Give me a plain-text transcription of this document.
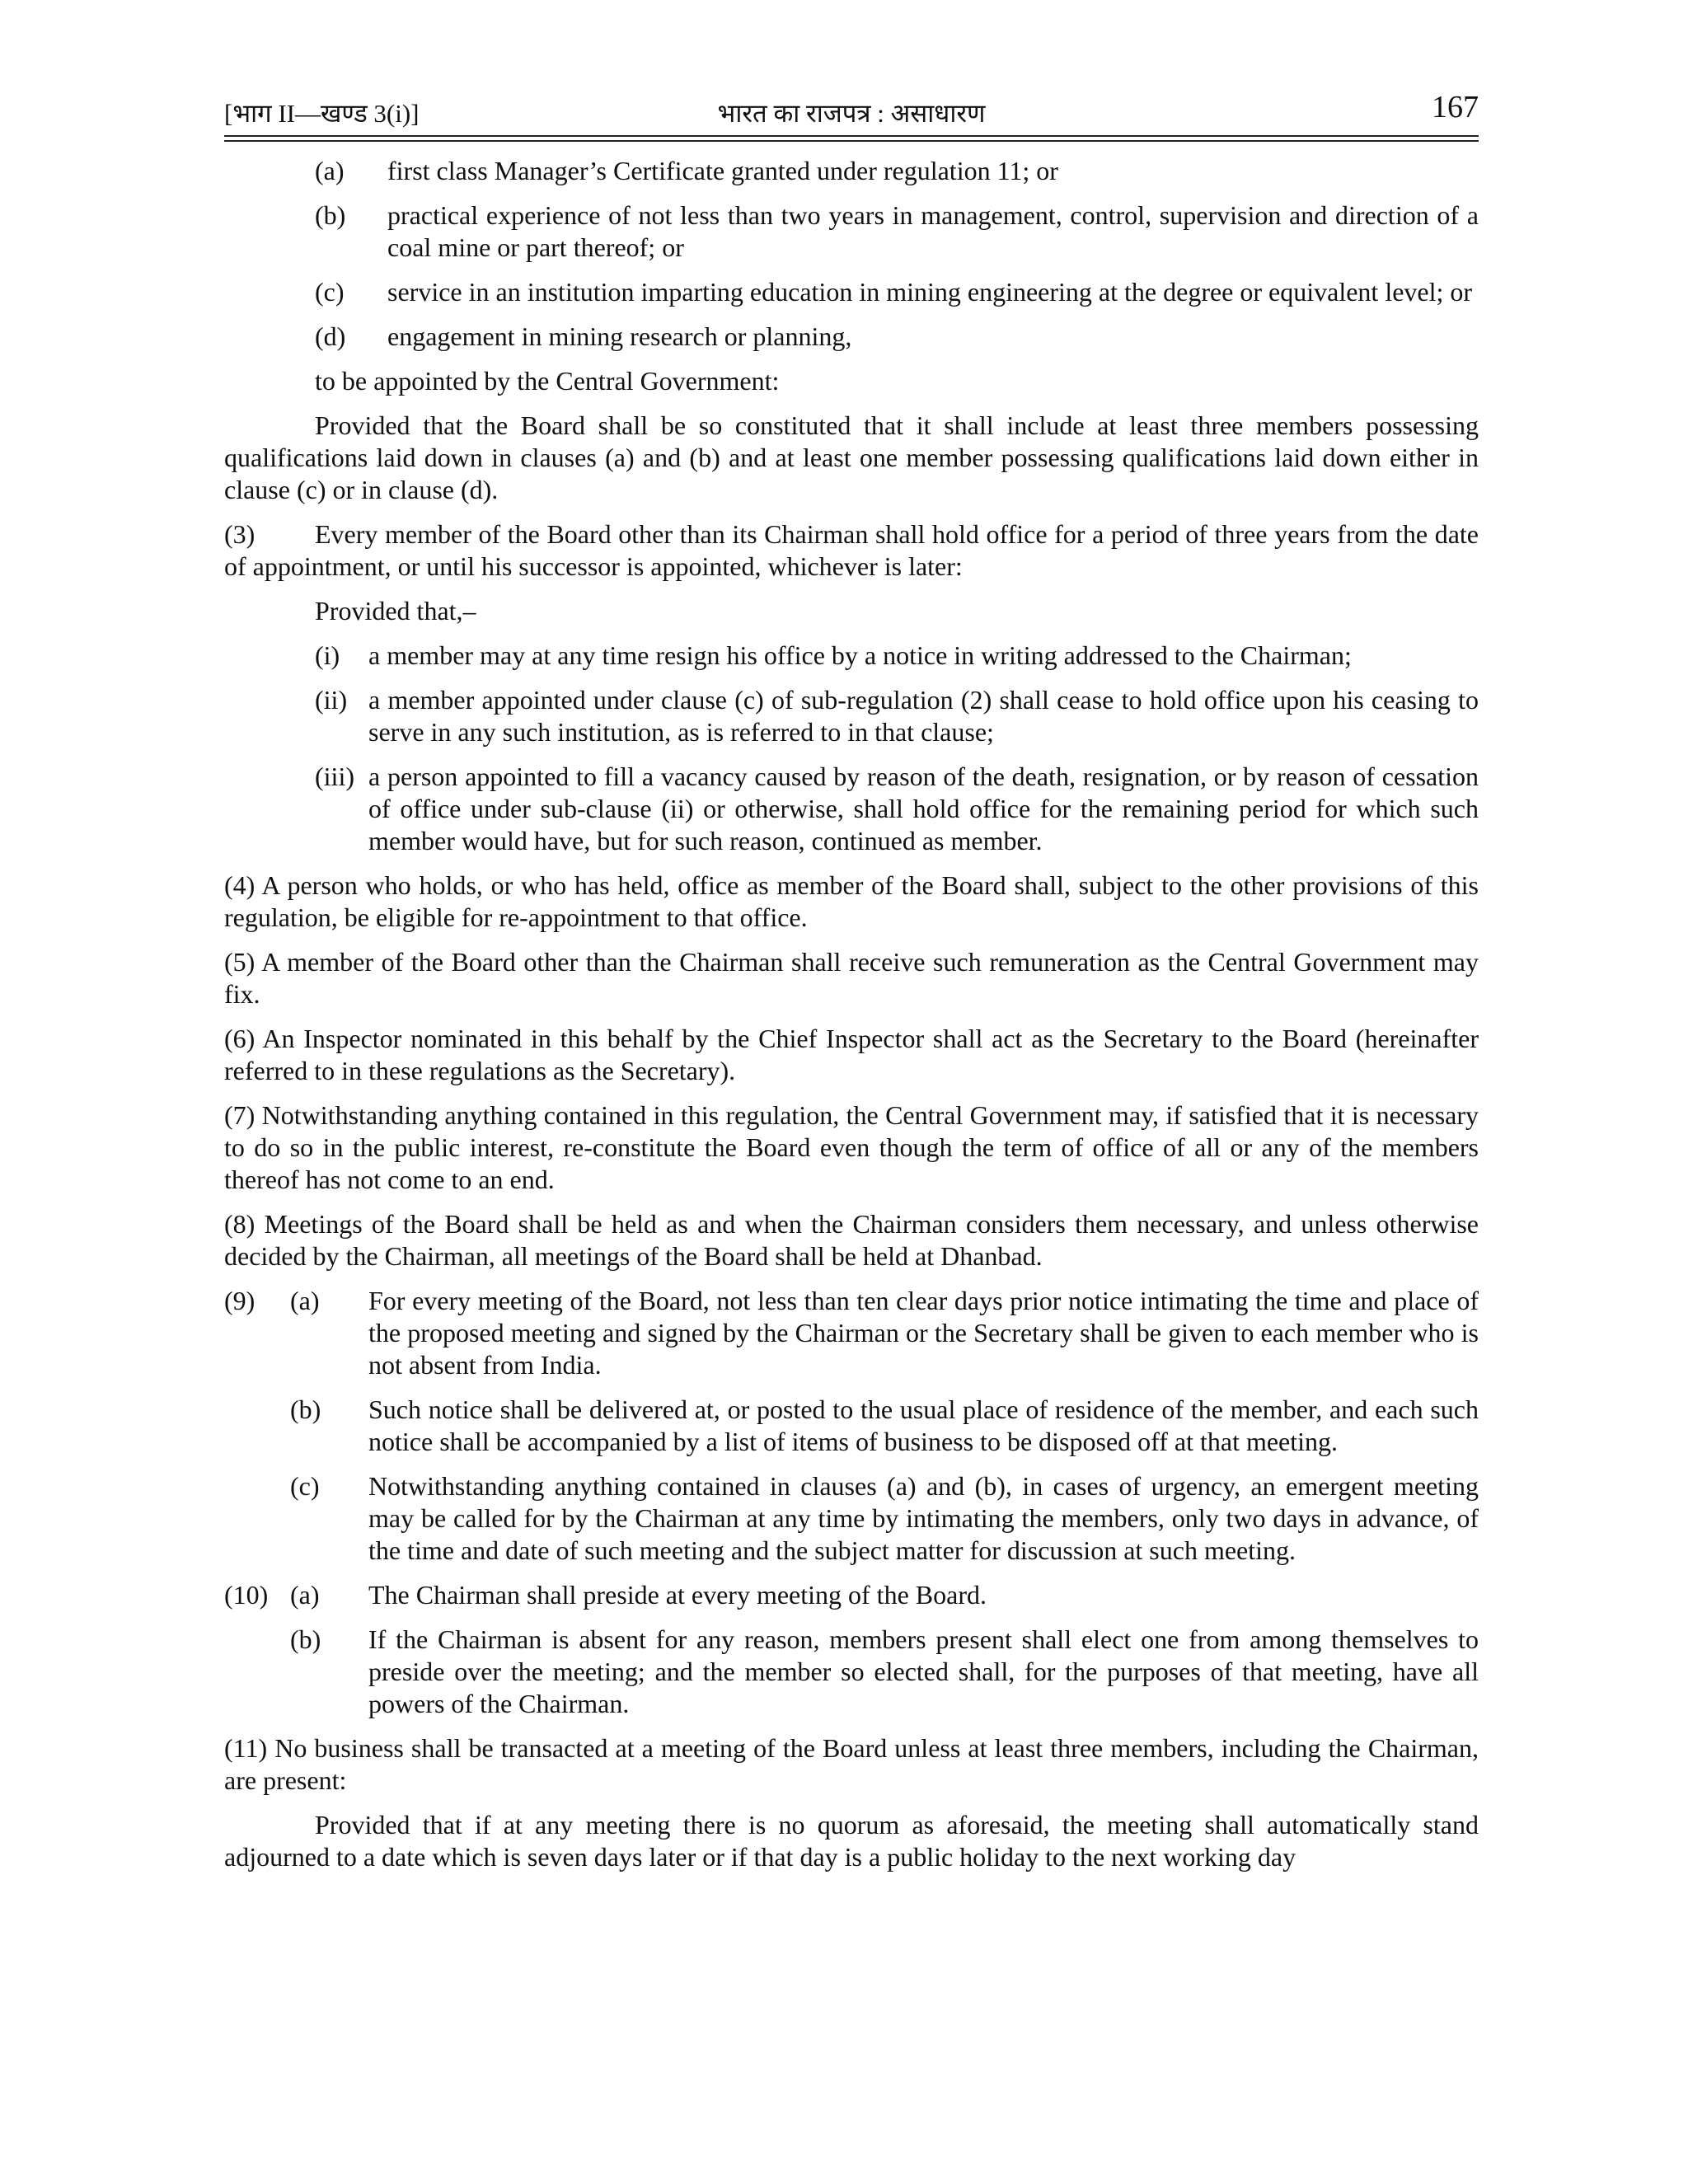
[भाग II—खण्ड 3(i)]	भारत का राजपत्र : असाधारण	167
(a) first class Manager’s Certificate granted under regulation 11; or
(b) practical experience of not less than two years in management, control, supervision and direction of a coal mine or part thereof; or
(c) service in an institution imparting education in mining engineering at the degree or equivalent level; or
(d) engagement in mining research or planning,

to be appointed by the Central Government:

Provided that the Board shall be so constituted that it shall include at least three members possessing qualifications laid down in clauses (a) and (b) and at least one member possessing qualifications laid down either in clause (c) or in clause (d).

(3) Every member of the Board other than its Chairman shall hold office for a period of three years from the date of appointment, or until his successor is appointed, whichever is later:

Provided that,–

(i) a member may at any time resign his office by a notice in writing addressed to the Chairman;
(ii) a member appointed under clause (c) of sub-regulation (2) shall cease to hold office upon his ceasing to serve in any such institution, as is referred to in that clause;
(iii) a person appointed to fill a vacancy caused by reason of the death, resignation, or by reason of cessation of office under sub-clause (ii) or otherwise, shall hold office for the remaining period for which such member would have, but for such reason, continued as member.

(4) A person who holds, or who has held, office as member of the Board shall, subject to the other provisions of this regulation, be eligible for re-appointment to that office.

(5) A member of the Board other than the Chairman shall receive such remuneration as the Central Government may fix.

(6) An Inspector nominated in this behalf by the Chief Inspector shall act as the Secretary to the Board (hereinafter referred to in these regulations as the Secretary).

(7) Notwithstanding anything contained in this regulation, the Central Government may, if satisfied that it is necessary to do so in the public interest, re-constitute the Board even though the term of office of all or any of the members thereof has not come to an end.

(8) Meetings of the Board shall be held as and when the Chairman considers them necessary, and unless otherwise decided by the Chairman, all meetings of the Board shall be held at Dhanbad.

(9) (a) For every meeting of the Board, not less than ten clear days prior notice intimating the time and place of the proposed meeting and signed by the Chairman or the Secretary shall be given to each member who is not absent from India.
(b) Such notice shall be delivered at, or posted to the usual place of residence of the member, and each such notice shall be accompanied by a list of items of business to be disposed off at that meeting.
(c) Notwithstanding anything contained in clauses (a) and (b), in cases of urgency, an emergent meeting may be called for by the Chairman at any time by intimating the members, only two days in advance, of the time and date of such meeting and the subject matter for discussion at such meeting.
(10) (a) The Chairman shall preside at every meeting of the Board.
(b) If the Chairman is absent for any reason, members present shall elect one from among themselves to preside over the meeting; and the member so elected shall, for the purposes of that meeting, have all powers of the Chairman.

(11) No business shall be transacted at a meeting of the Board unless at least three members, including the Chairman, are present:

Provided that if at any meeting there is no quorum as aforesaid, the meeting shall automatically stand adjourned to a date which is seven days later or if that day is a public holiday to the next working day
